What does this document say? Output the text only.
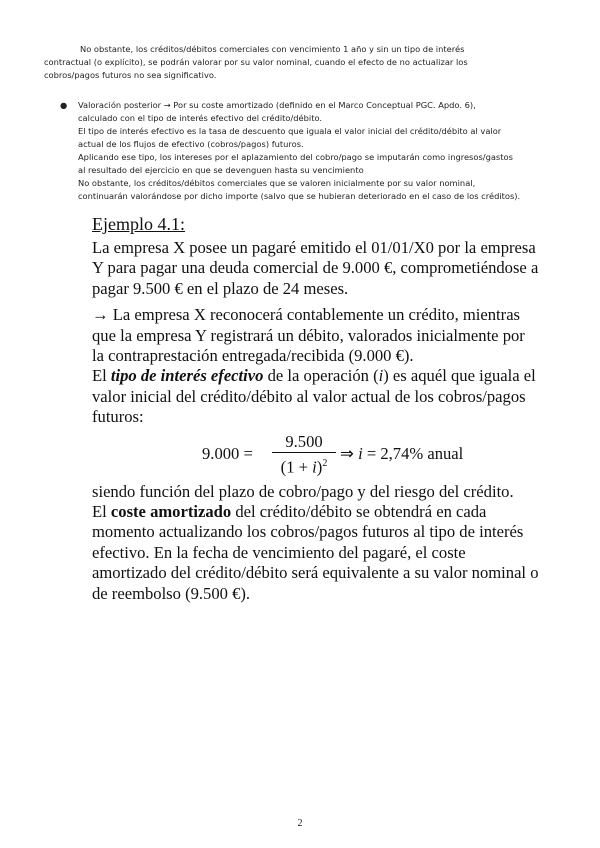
No obstante, los créditos/débitos comerciales con vencimiento 1 año y sin un tipo de interés

contractual (o explícito), se podrán valorar por su valor nominal, cuando el efecto de no actualizar los

cobros/pagos futuros no sea significativo.

●	Valoración posterior → Por su coste amortizado (definido en el Marco Conceptual PGC. Apdo. 6),

calculado con el tipo de interés efectivo del crédito/débito.

El tipo de interés efectivo es la tasa de descuento que iguala el valor inicial del crédito/débito al valor

actual de los flujos de efectivo (cobros/pagos) futuros.

Aplicando ese tipo, los intereses por el aplazamiento del cobro/pago se imputarán como ingresos/gastos

al resultado del ejercicio en que se devenguen hasta su vencimiento

No obstante, los créditos/débitos comerciales que se valoren inicialmente por su valor nominal,

continuarán valorándose por dicho importe (salvo que se hubieran deteriorado en el caso de los créditos).

Ejemplo 4.1:

La empresa X posee un pagaré emitido el 01/01/X0 por la empresa

Y para pagar una deuda comercial de 9.000 €, comprometiéndose a

pagar 9.500 € en el plazo de 24 meses.

→ La empresa X reconocerá contablemente un crédito, mientras

que la empresa Y registrará un débito, valorados inicialmente por

la contraprestación entregada/recibida (9.000 €).

El tipo de interés efectivo de la operación (i) es aquél que iguala el

valor inicial del crédito/débito al valor actual de los cobros/pagos

futuros:

$9.000 = \frac{9.500}{(1 + i)^2}$ ⇒ i = 2,74% anual

siendo función del plazo de cobro/pago y del riesgo del crédito.

El coste amortizado del crédito/débito se obtendrá en cada

momento actualizando los cobros/pagos futuros al tipo de interés

efectivo. En la fecha de vencimiento del pagaré, el coste

amortizado del crédito/débito será equivalente a su valor nominal o

de reembolso (9.500 €).

2
